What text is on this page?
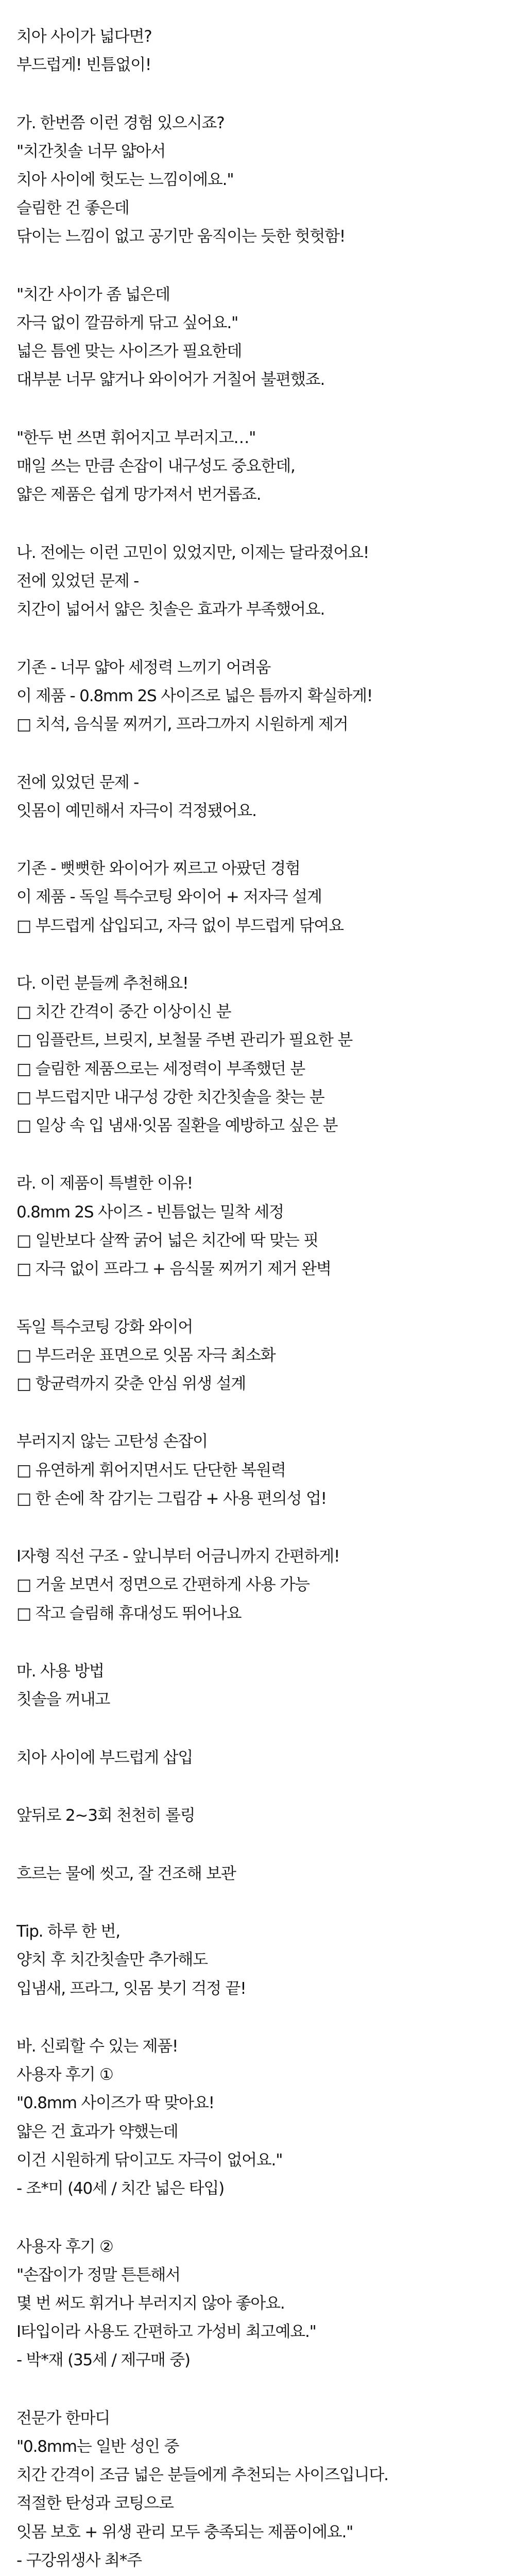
치아 사이가 넓다면?
부드럽게! 빈틈없이!
가. 한번쯤 이런 경험 있으시죠?
"치간칫솔 너무 얇아서
치아 사이에 헛도는 느낌이에요."
슬림한 건 좋은데
닦이는 느낌이 없고 공기만 움직이는 듯한 헛헛함!
"치간 사이가 좀 넓은데
자극 없이 깔끔하게 닦고 싶어요."
넓은 틈엔 맞는 사이즈가 필요한데
대부분 너무 얇거나 와이어가 거칠어 불편했죠.
"한두 번 쓰면 휘어지고 부러지고…"
매일 쓰는 만큼 손잡이 내구성도 중요한데,
얇은 제품은 쉽게 망가져서 번거롭죠.
나. 전에는 이런 고민이 있었지만, 이제는 달라졌어요!
전에 있었던 문제 -
치간이 넓어서 얇은 칫솔은 효과가 부족했어요.
기존 - 너무 얇아 세정력 느끼기 어려움
이 제품 - 0.8mm 2S 사이즈로 넓은 틈까지 확실하게!
□ 치석, 음식물 찌꺼기, 프라그까지 시원하게 제거
전에 있었던 문제 -
잇몸이 예민해서 자극이 걱정됐어요.
기존 - 뻣뻣한 와이어가 찌르고 아팠던 경험
이 제품 - 독일 특수코팅 와이어 + 저자극 설계
□ 부드럽게 삽입되고, 자극 없이 부드럽게 닦여요
다. 이런 분들께 추천해요!
□ 치간 간격이 중간 이상이신 분
□ 임플란트, 브릿지, 보철물 주변 관리가 필요한 분
□ 슬림한 제품으로는 세정력이 부족했던 분
□ 부드럽지만 내구성 강한 치간칫솔을 찾는 분
□ 일상 속 입 냄새·잇몸 질환을 예방하고 싶은 분
라. 이 제품이 특별한 이유!
0.8mm 2S 사이즈 - 빈틈없는 밀착 세정
□ 일반보다 살짝 굵어 넓은 치간에 딱 맞는 핏
□ 자극 없이 프라그 + 음식물 찌꺼기 제거 완벽
독일 특수코팅 강화 와이어
□ 부드러운 표면으로 잇몸 자극 최소화
□ 항균력까지 갖춘 안심 위생 설계
부러지지 않는 고탄성 손잡이
□ 유연하게 휘어지면서도 단단한 복원력
□ 한 손에 착 감기는 그립감 + 사용 편의성 업!
I자형 직선 구조 - 앞니부터 어금니까지 간편하게!
□ 거울 보면서 정면으로 간편하게 사용 가능
□ 작고 슬림해 휴대성도 뛰어나요
마. 사용 방법
칫솔을 꺼내고
치아 사이에 부드럽게 삽입
앞뒤로 2~3회 천천히 롤링
흐르는 물에 씻고, 잘 건조해 보관
Tip. 하루 한 번,
양치 후 치간칫솔만 추가해도
입냄새, 프라그, 잇몸 붓기 걱정 끝!
바. 신뢰할 수 있는 제품!
사용자 후기 ①
"0.8mm 사이즈가 딱 맞아요!
얇은 건 효과가 약했는데
이건 시원하게 닦이고도 자극이 없어요."
- 조*미 (40세 / 치간 넓은 타입)
사용자 후기 ②
"손잡이가 정말 튼튼해서
몇 번 써도 휘거나 부러지지 않아 좋아요.
I타입이라 사용도 간편하고 가성비 최고예요."
- 박*재 (35세 / 제구매 중)
전문가 한마디
"0.8mm는 일반 성인 중
치간 간격이 조금 넓은 분들에게 추천되는 사이즈입니다.
적절한 탄성과 코팅으로
잇몸 보호 + 위생 관리 모두 충족되는 제품이에요."
- 구강위생사 최*주
